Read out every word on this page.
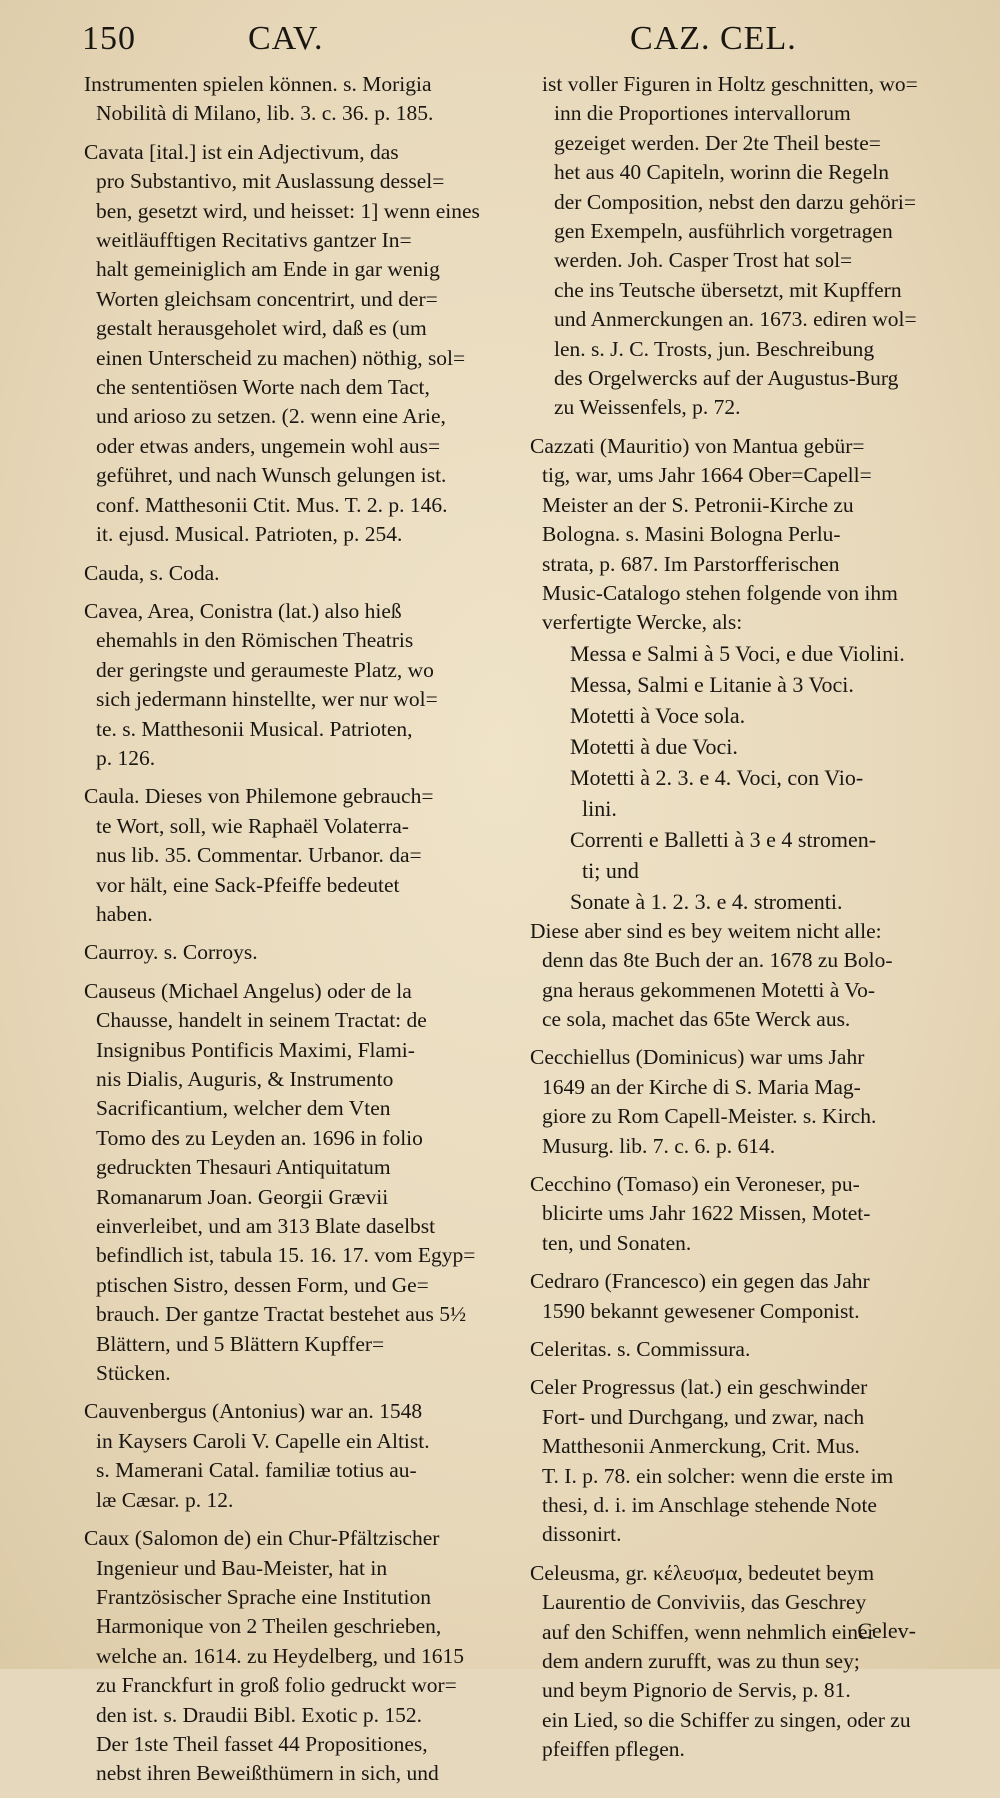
150	CAV.	CAZ. CEL.
Instrumenten spielen können. s. Morigia
Nobilità di Milano, lib. 3. c. 36. p. 185.
Cavata [ital.] ist ein Adjectivum, das
pro Substantivo, mit Auslassung dessel=
ben, gesetzt wird, und heisset: 1] wenn eines
weitläufftigen Recitativs gantzer In=
halt gemeiniglich am Ende in gar wenig
Worten gleichsam concentrirt, und der=
gestalt herausgeholet wird, daß es (um
einen Unterscheid zu machen) nöthig, sol=
che sententiösen Worte nach dem Tact,
und arioso zu setzen. (2. wenn eine Arie,
oder etwas anders, ungemein wohl aus=
geführet, und nach Wunsch gelungen ist.
conf. Matthesonii Ctit. Mus. T. 2. p. 146.
it. ejusd. Musical. Patrioten, p. 254.
Cauda, s. Coda.
Cavea, Area, Conistra (lat.) also hieß
ehemahls in den Römischen Theatris
der geringste und geraumeste Platz, wo
sich jedermann hinstellte, wer nur wol=
te. s. Matthesonii Musical. Patrioten,
p. 126.
Caula. Dieses von Philemone gebrauch=
te Wort, soll, wie Raphaël Volaterra-
nus lib. 35. Commentar. Urbanor. da=
vor hält, eine Sack-Pfeiffe bedeutet
haben.
Caurroy. s. Corroys.
Causeus (Michael Angelus) oder de la
Chausse, handelt in seinem Tractat: de
Insignibus Pontificis Maximi, Flami-
nis Dialis, Auguris, & Instrumento
Sacrificantium, welcher dem Vten
Tomo des zu Leyden an. 1696 in folio
gedruckten Thesauri Antiquitatum
Romanarum Joan. Georgii Grævii
einverleibet, und am 313 Blate daselbst
befindlich ist, tabula 15. 16. 17. vom Egyp=
ptischen Sistro, dessen Form, und Ge=
brauch. Der gantze Tractat bestehet aus 5½
Blättern, und 5 Blättern Kupffer=
Stücken.
Cauvenbergus (Antonius) war an. 1548
in Kaysers Caroli V. Capelle ein Altist.
s. Mamerani Catal. familiæ totius au-
læ Cæsar. p. 12.
Caux (Salomon de) ein Chur-Pfältzischer
Ingenieur und Bau-Meister, hat in
Frantzösischer Sprache eine Institution
Harmonique von 2 Theilen geschrieben,
welche an. 1614. zu Heydelberg, und 1615
zu Franckfurt in groß folio gedruckt wor=
den ist. s. Draudii Bibl. Exotic p. 152.
Der 1ste Theil fasset 44 Propositiones,
nebst ihren Beweißthümern in sich, und
ist voller Figuren in Holtz geschnitten, wo=
inn die Proportiones intervallorum
gezeiget werden. Der 2te Theil beste=
het aus 40 Capiteln, worinn die Regeln
der Composition, nebst den darzu gehöri=
gen Exempeln, ausführlich vorgetragen
werden. Joh. Casper Trost hat sol=
che ins Teutsche übersetzt, mit Kupffern
und Anmerckungen an. 1673. ediren wol=
len. s. J. C. Trosts, jun. Beschreibung
des Orgelwercks auf der Augustus-Burg
zu Weissenfels, p. 72.
Cazzati (Mauritio) von Mantua gebür=
tig, war, ums Jahr 1664 Ober=Capell=
Meister an der S. Petronii-Kirche zu
Bologna. s. Masini Bologna Perlu-
strata, p. 687. Im Parstorfferischen
Music-Catalogo stehen folgende von ihm
verfertigte Wercke, als:
Messa e Salmi à 5 Voci, e due Violini.
Messa, Salmi e Litanie à 3 Voci.
Motetti à Voce sola.
Motetti à due Voci.
Motetti à 2. 3. e 4. Voci, con Vio-
lini.
Correnti e Balletti à 3 e 4 stromen-
ti; und
Sonate à 1. 2. 3. e 4. stromenti.
Diese aber sind es bey weitem nicht alle:
denn das 8te Buch der an. 1678 zu Bolo-
gna heraus gekommenen Motetti à Vo-
ce sola, machet das 65te Werck aus.
Cecchiellus (Dominicus) war ums Jahr
1649 an der Kirche di S. Maria Mag-
giore zu Rom Capell-Meister. s. Kirch.
Musurg. lib. 7. c. 6. p. 614.
Cecchino (Tomaso) ein Veroneser, pu-
blicirte ums Jahr 1622 Missen, Motet-
ten, und Sonaten.
Cedraro (Francesco) ein gegen das Jahr
1590 bekannt gewesener Componist.
Celeritas. s. Commissura.
Celer Progressus (lat.) ein geschwinder
Fort- und Durchgang, und zwar, nach
Matthesonii Anmerckung, Crit. Mus.
T. I. p. 78. ein solcher: wenn die erste im
thesi, d. i. im Anschlage stehende Note
dissonirt.
Celeusma, gr. κέλευσμα, bedeutet beym
Laurentio de Conviviis, das Geschrey
auf den Schiffen, wenn nehmlich einer
dem andern zurufft, was zu thun sey;
und beym Pignorio de Servis, p. 81.
ein Lied, so die Schiffer zu singen, oder zu
pfeiffen pflegen.
Celev-
